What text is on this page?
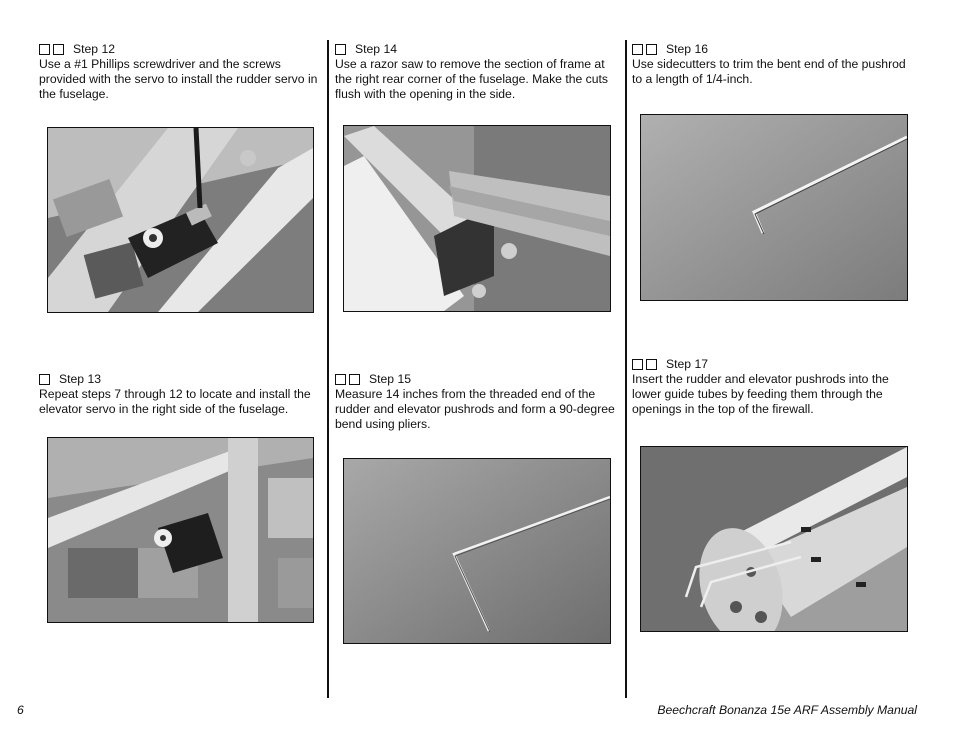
Step 12

Use a #1 Phillips screwdriver and the screws provided with the servo to install the rudder servo in the fuselage.

Step 13

Repeat steps 7 through 12 to locate and install the elevator servo in the right side of the fuselage.

Step 14

Use a razor saw to remove the section of frame at the right rear corner of the fuselage. Make the cuts flush with the opening in the side.

Step 15

Measure 14 inches from the threaded end of the rudder and elevator pushrods and form a 90-degree bend using pliers.

Step 16

Use sidecutters to trim the bent end of the pushrod to a length of 1/4-inch.

Step 17

Insert the rudder and elevator pushrods into the lower guide tubes by feeding them through the openings in the top of the firewall.

6	Beechcraft Bonanza 15e ARF Assembly Manual
